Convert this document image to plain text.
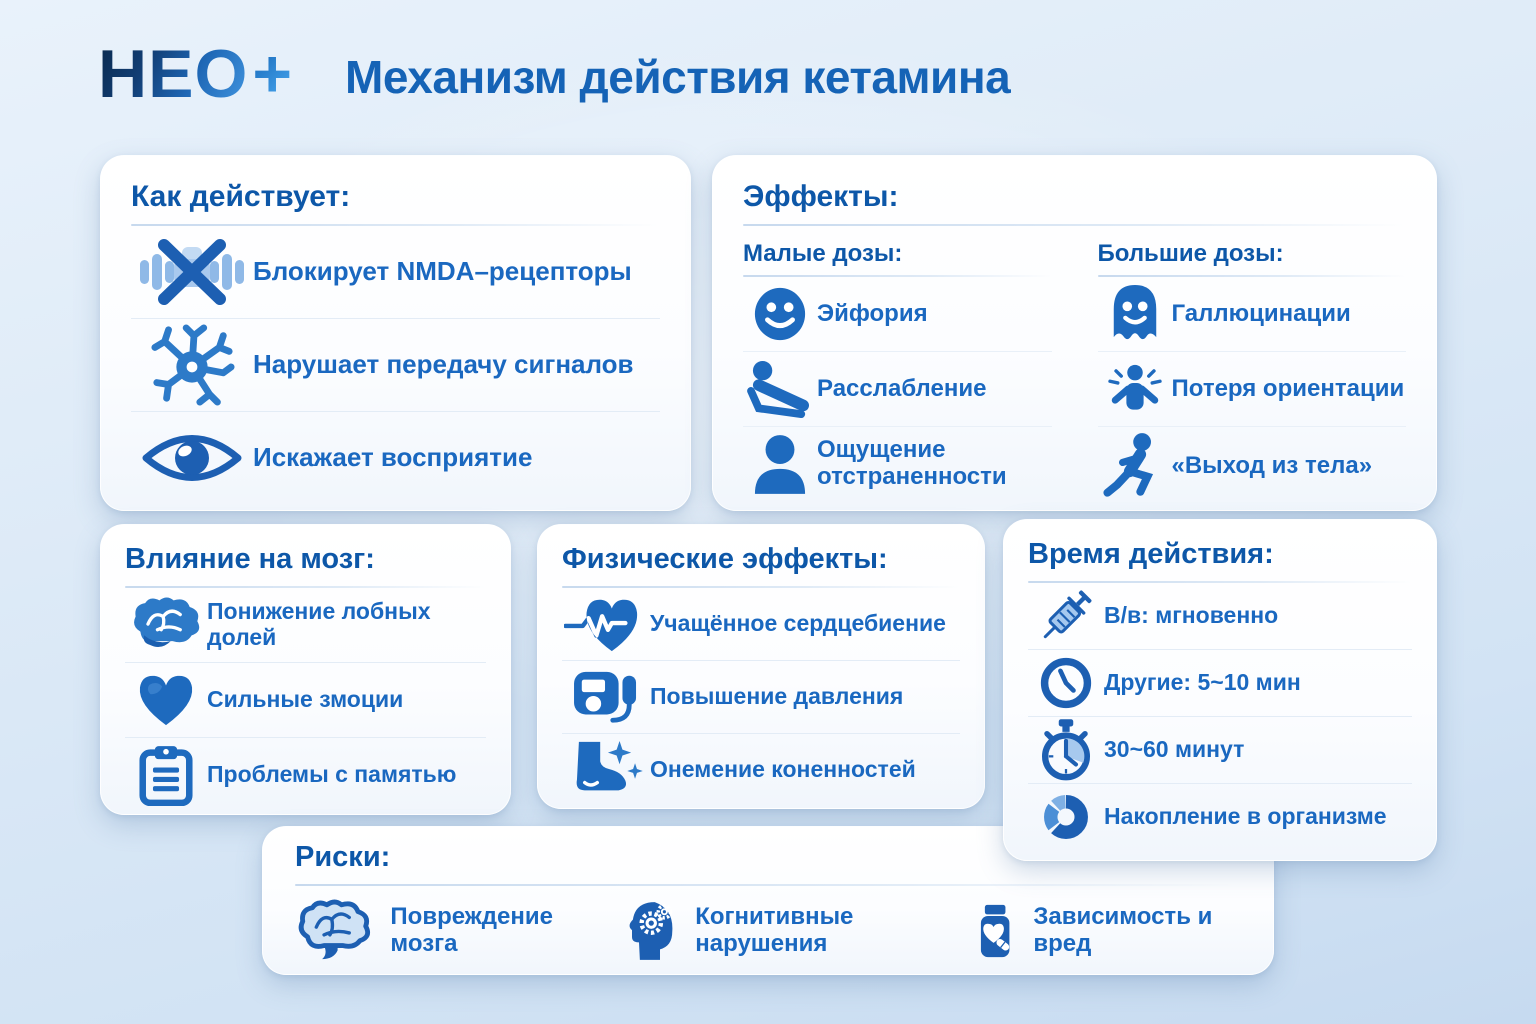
НЕО+ Механизм действия кетамина
Как действует:
Блокирует NMDA–рецепторы
Нарушает передачу сигналов
Искажает восприятие
Эффекты:
Малые дозы:
Эйфория
Расслабление
Ощущение отстраненности
Большие дозы:
Галлюцинации
Потеря ориентации
«Выход из тела»
Влияние на мозг:
Понижение лобных долей
Сильные змоции
Проблемы с памятью
Физические эффекты:
Учащённое сердцебиение
Повышение давления
Онемение коненностей
Время действия:
В/в: мгновенно
Другие: 5~10 мин
30~60 минут
Накопление в организме
Риски:
Повреждение мозга
Когнитивные нарушения
Зависимость и вред
